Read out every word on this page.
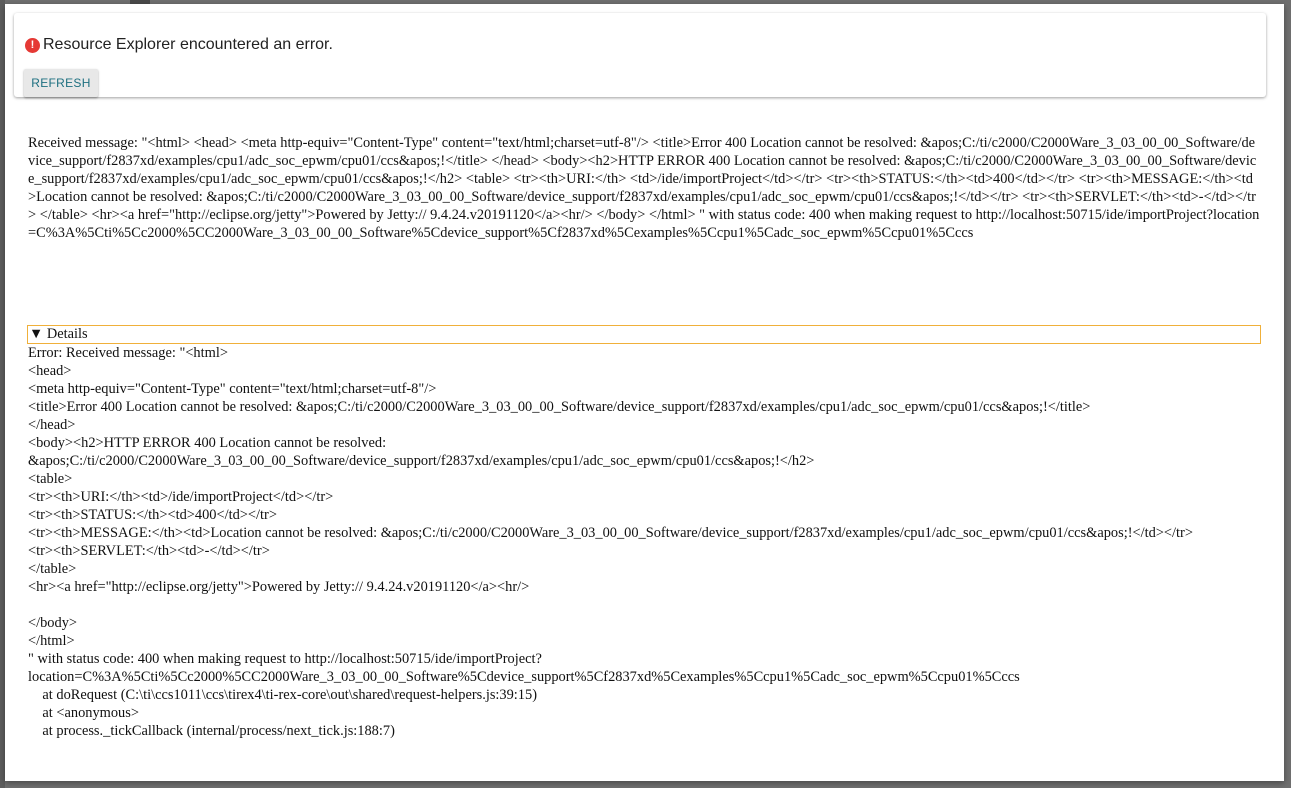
! Resource Explorer encountered an error.
REFRESH
Received message: "<html> <head> <meta http-equiv="Content-Type" content="text/html;charset=utf-8"/> <title>Error 400 Location cannot be resolved: &apos;C:/ti/c2000/C2000Ware_3_03_00_00_Software/device_support/f2837xd/examples/cpu1/adc_soc_epwm/cpu01/ccs&apos;!</title> </head> <body><h2>HTTP ERROR 400 Location cannot be resolved: &apos;C:/ti/c2000/C2000Ware_3_03_00_00_Software/device_support/f2837xd/examples/cpu1/adc_soc_epwm/cpu01/ccs&apos;!</h2> <table> <tr><th>URI:</th> <td>/ide/importProject</td></tr> <tr><th>STATUS:</th><td>400</td></tr> <tr><th>MESSAGE:</th><td>Location cannot be resolved: &apos;C:/ti/c2000/C2000Ware_3_03_00_00_Software/device_support/f2837xd/examples/cpu1/adc_soc_epwm/cpu01/ccs&apos;!</td></tr> <tr><th>SERVLET:</th><td>-</td></tr> </table> <hr><a href="http://eclipse.org/jetty">Powered by Jetty:// 9.4.24.v20191120</a><hr/> </body> </html> " with status code: 400 when making request to http://localhost:50715/ide/importProject?location=C%3A%5Cti%5Cc2000%5CC2000Ware_3_03_00_00_Software%5Cdevice_support%5Cf2837xd%5Cexamples%5Ccpu1%5Cadc_soc_epwm%5Ccpu01%5Cccs
▼ Details
Error: Received message: "<html>
<head>
<meta http-equiv="Content-Type" content="text/html;charset=utf-8"/>
<title>Error 400 Location cannot be resolved: &apos;C:/ti/c2000/C2000Ware_3_03_00_00_Software/device_support/f2837xd/examples/cpu1/adc_soc_epwm/cpu01/ccs&apos;!</title>
</head>
<body><h2>HTTP ERROR 400 Location cannot be resolved:
&apos;C:/ti/c2000/C2000Ware_3_03_00_00_Software/device_support/f2837xd/examples/cpu1/adc_soc_epwm/cpu01/ccs&apos;!</h2>
<table>
<tr><th>URI:</th><td>/ide/importProject</td></tr>
<tr><th>STATUS:</th><td>400</td></tr>
<tr><th>MESSAGE:</th><td>Location cannot be resolved: &apos;C:/ti/c2000/C2000Ware_3_03_00_00_Software/device_support/f2837xd/examples/cpu1/adc_soc_epwm/cpu01/ccs&apos;!</td></tr>
<tr><th>SERVLET:</th><td>-</td></tr>
</table>
<hr><a href="http://eclipse.org/jetty">Powered by Jetty:// 9.4.24.v20191120</a><hr/>

</body>
</html>
" with status code: 400 when making request to http://localhost:50715/ide/importProject?
location=C%3A%5Cti%5Cc2000%5CC2000Ware_3_03_00_00_Software%5Cdevice_support%5Cf2837xd%5Cexamples%5Ccpu1%5Cadc_soc_epwm%5Ccpu01%5Cccs
at doRequest (C:\ti\ccs1011\ccs\tirex4\ti-rex-core\out\shared\request-helpers.js:39:15)
at <anonymous>
at process._tickCallback (internal/process/next_tick.js:188:7)
